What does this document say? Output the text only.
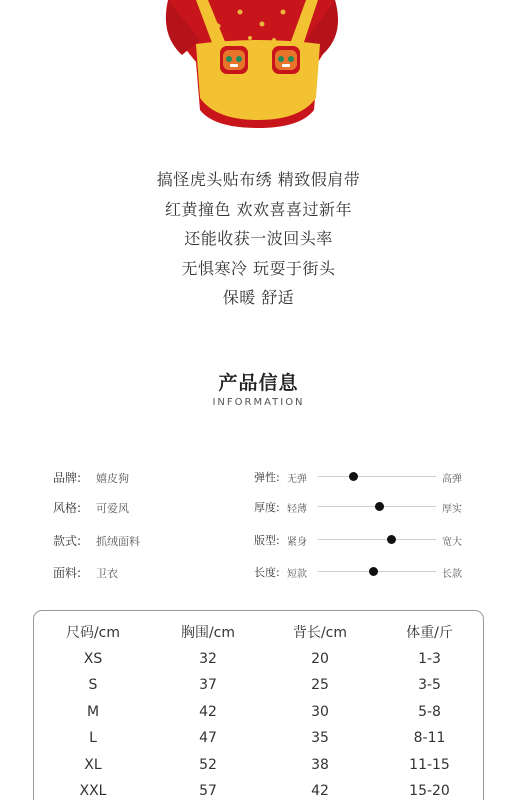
搞怪虎头贴布绣 精致假肩带
红黄撞色 欢欢喜喜过新年
还能收获一波回头率
无惧寒冷 玩耍于街头
保暖 舒适
产品信息
INFORMATION
品牌: 嬉皮狗	弹性: 无弹	高弹
风格: 可爱风	厚度: 轻薄	厚实
款式: 抓绒面料	版型: 紧身	宽大
面料: 卫衣	长度: 短款	长款
尺码/cm	胸围/cm	背长/cm	体重/斤
XS	32	20	1-3
S	37	25	3-5
M	42	30	5-8
L	47	35	8-11
XL	52	38	11-15
XXL	57	42	15-20
